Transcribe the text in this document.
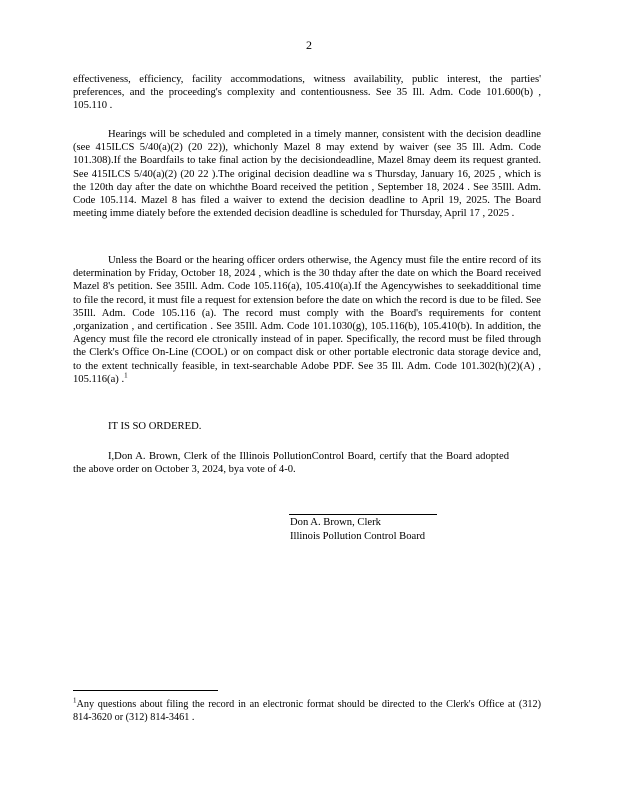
2
effectiveness, efficiency, facility accommodations, witness availability, public interest, the parties' preferences, and the proceeding's complexity and contentiousness. See 35 Ill. Adm. Code 101.600(b) , 105.110 .
Hearings will be scheduled and completed in a timely manner, consistent with the decision deadline (see 415ILCS 5/40(a)(2) (20 22)), whichonly Mazel 8 may extend by waiver (see 35 Ill. Adm. Code 101.308).If the Boardfails to take final action by the decisiondeadline, Mazel 8may deem its request granted. See 415ILCS 5/40(a)(2) (20 22 ).The original decision deadline wa s Thursday, January 16, 2025 , which is the 120th day after the date on whichthe Board received the petition , September 18, 2024 . See 35Ill. Adm. Code 105.114. Mazel 8 has filed a waiver to extend the decision deadline to April 19, 2025. The Board meeting imme diately before the extended decision deadline is scheduled for Thursday, April 17 , 2025 .
Unless the Board or the hearing officer orders otherwise, the Agency must file the entire record of its determination by Friday, October 18, 2024 , which is the 30 thday after the date on which the Board received Mazel 8's petition. See 35Ill. Adm. Code 105.116(a), 105.410(a).If the Agencywishes to seekadditional time to file the record, it must file a request for extension before the date on which the record is due to be filed. See 35Ill. Adm. Code 105.116 (a). The record must comply with the Board's requirements for content ,organization , and certification . See 35Ill. Adm. Code 101.1030(g), 105.116(b), 105.410(b). In addition, the Agency must file the record ele ctronically instead of in paper. Specifically, the record must be filed through the Clerk's Office On-Line (COOL) or on compact disk or other portable electronic data storage device and, to the extent technically feasible, in text-searchable Adobe PDF. See 35 Ill. Adm. Code 101.302(h)(2)(A) , 105.116(a) .$^1$
IT IS SO ORDERED.
I,Don A. Brown, Clerk of the Illinois PollutionControl Board, certify that the Board adopted the above order on October 3, 2024, bya vote of 4-0.
Don A. Brown, Clerk
Illinois Pollution Control Board
$^1$Any questions about filing the record in an electronic format should be directed to the Clerk's Office at (312) 814-3620 or (312) 814-3461 .
